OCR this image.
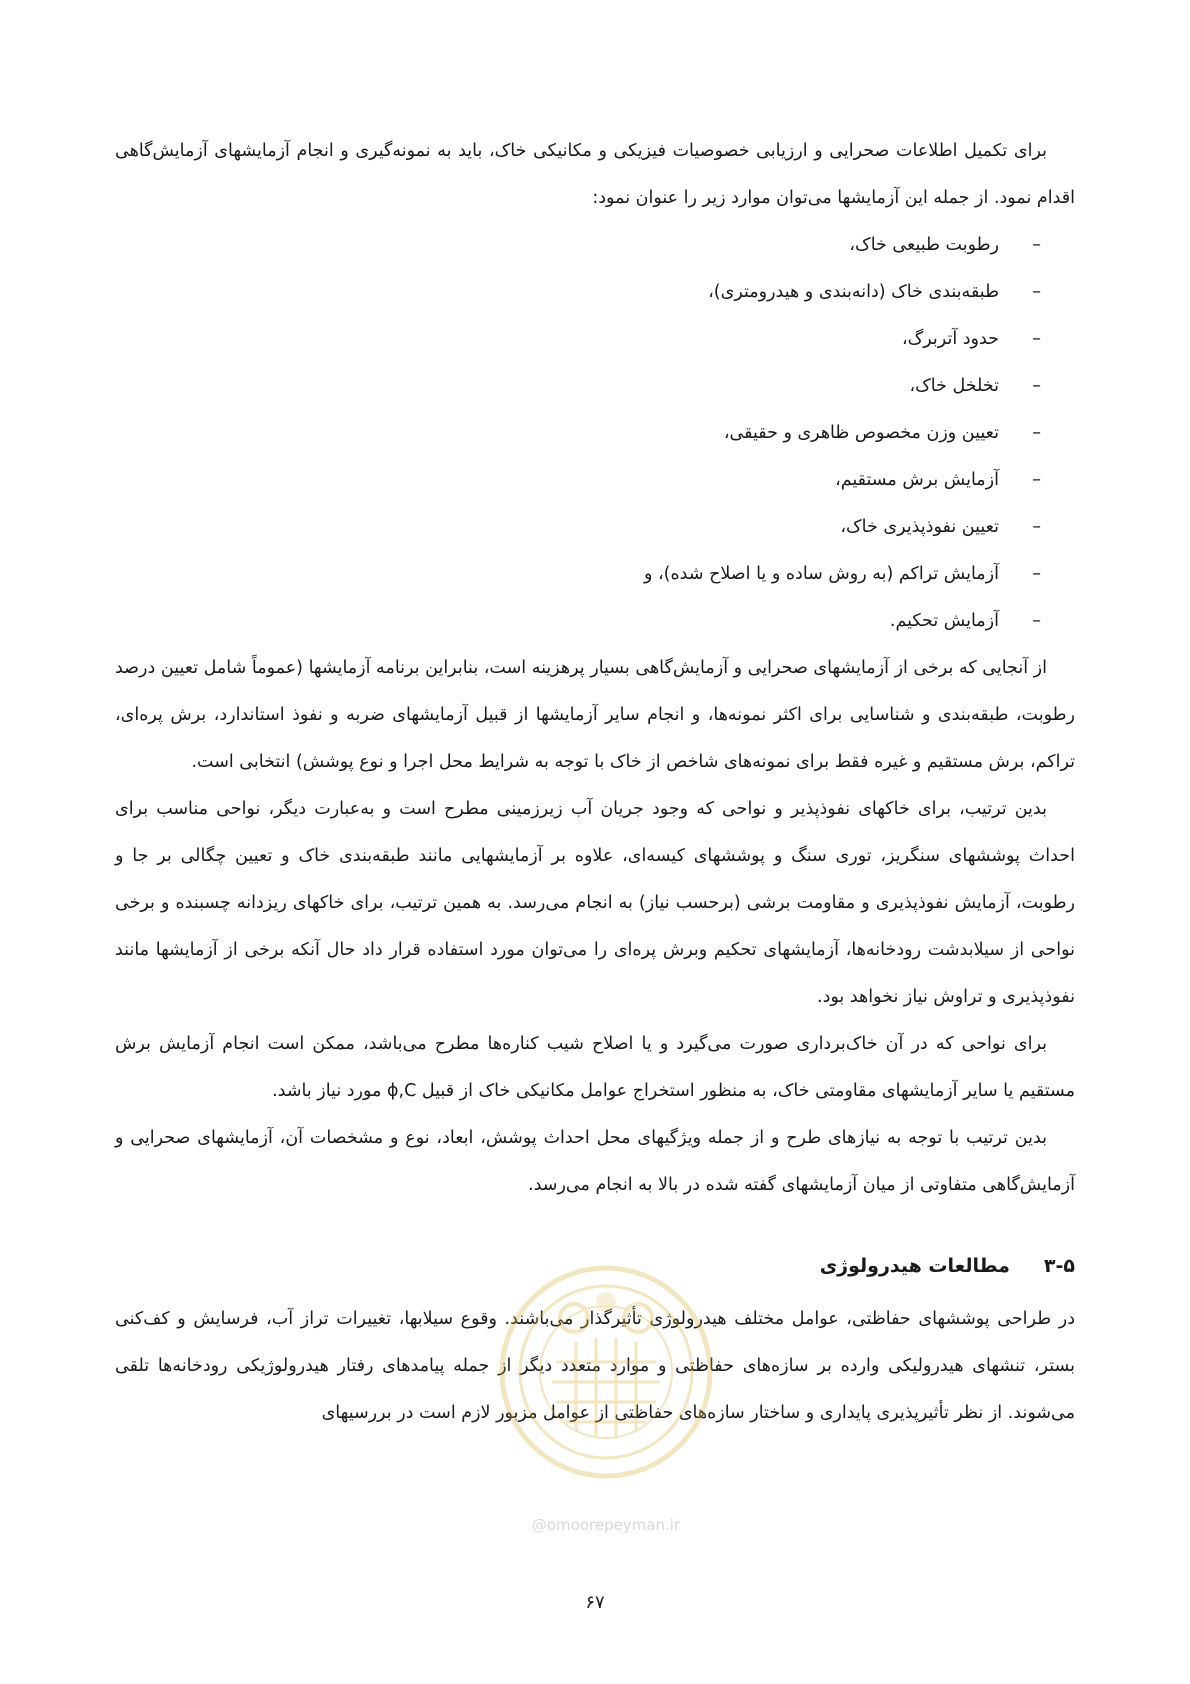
برای تکمیل اطلاعات صحرایی و ارزیابی خصوصیات فیزیکی و مکانیکی خاک، باید به نمونه‌گیری و انجام آزمایشهای آزمایش‌گاهی اقدام نمود. از جمله این آزمایشها می‌توان موارد زیر را عنوان نمود:

–
رطوبت طبیعی خاک،
–
طبقه‌بندی خاک (دانه‌بندی و هیدرومتری)،
–
حدود آتربرگ،
–
تخلخل خاک،
–
تعیین وزن مخصوص ظاهری و حقیقی،
–
آزمایش برش مستقیم،
–
تعیین نفوذپذیری خاک،
–
آزمایش تراکم (به روش ساده و یا اصلاح شده)، و
–
آزمایش تحکیم.

از آنجایی که برخی از آزمایشهای صحرایی و آزمایش‌گاهی بسیار پرهزینه است، بنابراین برنامه آزمایشها (عموماً شامل تعیین درصد رطوبت، طبقه‌بندی و شناسایی برای اکثر نمونه‌ها، و انجام سایر آزمایشها از قبیل آزمایشهای ضربه و نفوذ استاندارد، برش پره‌ای، تراکم، برش مستقیم و غیره فقط برای نمونه‌های شاخص از خاک با توجه به شرایط محل اجرا و نوع پوشش) انتخابی است.

بدین ترتیب، برای خاکهای نفوذپذیر و نواحی که وجود جریان آب زیرزمینی مطرح است و به‌عبارت دیگر، نواحی مناسب برای احداث پوششهای سنگریز، توری سنگ و پوششهای کیسه‌ای، علاوه بر آزمایشهایی مانند طبقه‌بندی خاک و تعیین چگالی بر جا و رطوبت، آزمایش نفوذپذیری و مقاومت برشی (برحسب نیاز) به انجام می‌رسد. به همین ترتیب، برای خاکهای ریزدانه چسبنده و برخی نواحی از سیلابدشت رودخانه‌ها، آزمایشهای تحکیم وبرش پره‌ای را می‌توان مورد استفاده قرار داد حال آنکه برخی از آزمایشها مانند نفوذپذیری و تراوش نیاز نخواهد بود.

برای نواحی که در آن خاک‌برداری صورت می‌گیرد و یا اصلاح شیب کناره‌ها مطرح می‌باشد، ممکن است انجام آزمایش برش مستقیم یا سایر آزمایشهای مقاومتی خاک، به منظور استخراج عوامل مکانیکی خاک از قبیل ϕ,C مورد نیاز باشد.

بدین ترتیب با توجه به نیازهای طرح و از جمله ویژگیهای محل احداث پوشش، ابعاد، نوع و مشخصات آن، آزمایشهای صحرایی و آزمایش‌گاهی متفاوتی از میان آزمایشهای گفته شده در بالا به انجام می‌رسد.

۳-۵مطالعات هیدرولوژی

در طراحی پوششهای حفاظتی، عوامل مختلف هیدرولوژی تأثیرگذار می‌باشند. وقوع سیلابها، تغییرات تراز آب، فرسایش و کف‌کنی بستر، تنشهای هیدرولیکی وارده بر سازه‌های حفاظتی و موارد متعدد دیگر از جمله پیامدهای رفتار هیدرولوژیکی رودخانه‌ها تلقی می‌شوند. از نظر تأثیرپذیری پایداری و ساختار سازه‌های حفاظتی از عوامل مزبور لازم است در بررسیهای

@omoorepeyman.ir
۶۷
